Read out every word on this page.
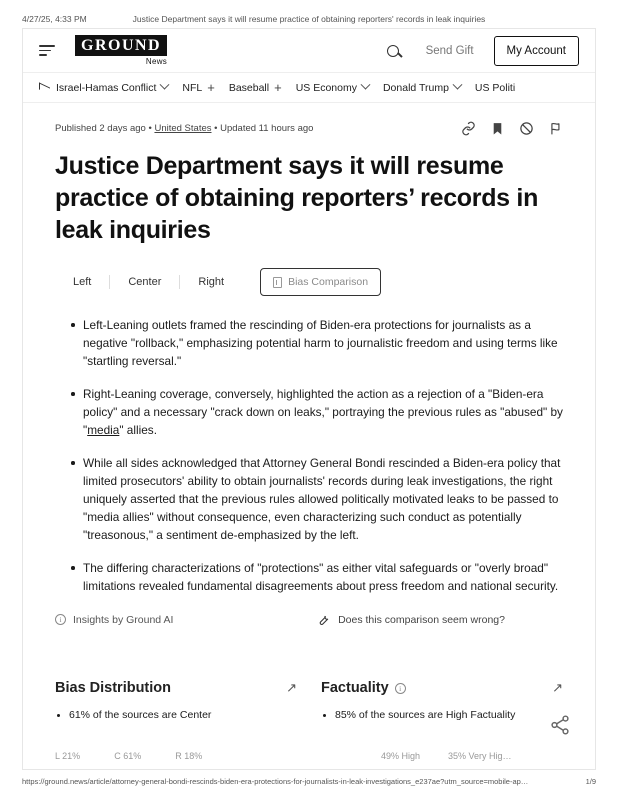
4/27/25, 4:33 PM	Justice Department says it will resume practice of obtaining reporters' records in leak inquiries
GROUND
News
Send Gift	My Account
Israel-Hamas Conflict NFL + Baseball + US Economy Donald Trump US Politi
Published 2 days ago • United States • Updated 11 hours ago
Justice Department says it will resume practice of obtaining reporters’ records in leak inquiries
Left	Center	Right	Bias Comparison
Left-Leaning outlets framed the rescinding of Biden-era protections for journalists as a negative "rollback," emphasizing potential harm to journalistic freedom and using terms like "startling reversal."
Right-Leaning coverage, conversely, highlighted the action as a rejection of a "Biden-era policy" and a necessary "crack down on leaks," portraying the previous rules as "abused" by "media" allies.
While all sides acknowledged that Attorney General Bondi rescinded a Biden-era policy that limited prosecutors' ability to obtain journalists' records during leak investigations, the right uniquely asserted that the previous rules allowed politically motivated leaks to be passed to "media allies" without consequence, even characterizing such conduct as potentially "treasonous," a sentiment de-emphasized by the left.
The differing characterizations of "protections" as either vital safeguards or "overly broad" limitations revealed fundamental disagreements about press freedom and national security.
i	Insights by Ground AI	Does this comparison seem wrong?
Bias Distribution	↗
61% of the sources are Center
L 21%	C 61%	R 18%
Factuality	i	↗
85% of the sources are High Factuality
49% High	35% Very Hig…
https://ground.news/article/attorney-general-bondi-rescinds-biden-era-protections-for-journalists-in-leak-investigations_e237ae?utm_source=mobile-ap…	1/9
